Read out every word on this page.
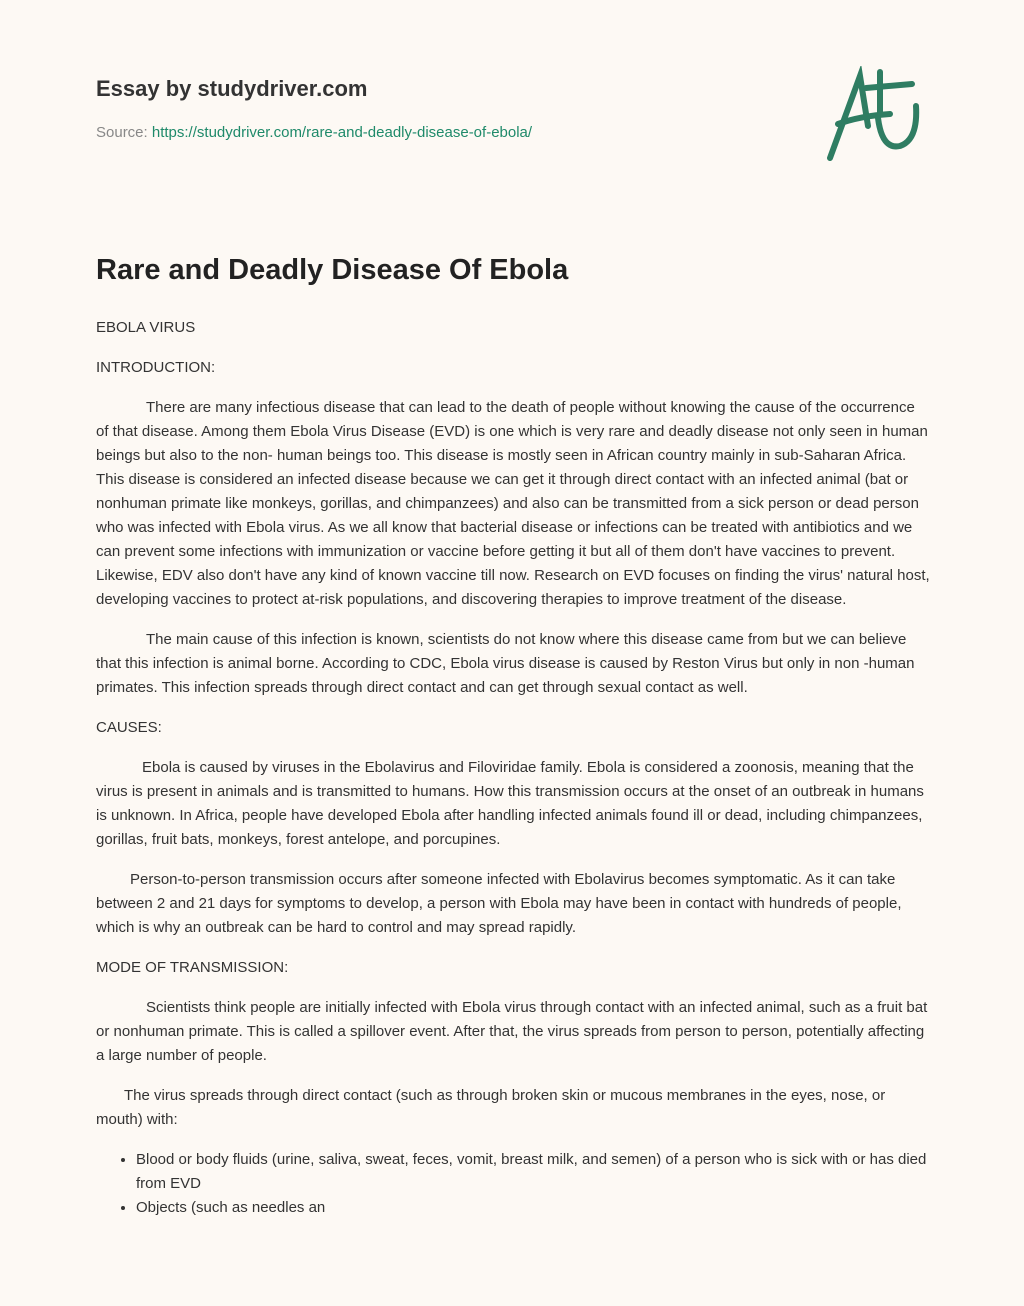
Essay by studydriver.com
Source: https://studydriver.com/rare-and-deadly-disease-of-ebola/
Rare and Deadly Disease Of Ebola

EBOLA VIRUS

INTRODUCTION:

There are many infectious disease that can lead to the death of people without knowing the cause of the occurrence of that disease. Among them Ebola Virus Disease (EVD) is one which is very rare and deadly disease not only seen in human beings but also to the non- human beings too. This disease is mostly seen in African country mainly in sub-Saharan Africa. This disease is considered an infected disease because we can get it through direct contact with an infected animal (bat or nonhuman primate like monkeys, gorillas, and chimpanzees) and also can be transmitted from a sick person or dead person who was infected with Ebola virus. As we all know that bacterial disease or infections can be treated with antibiotics and we can prevent some infections with immunization or vaccine before getting it but all of them don't have vaccines to prevent. Likewise, EDV also don't have any kind of known vaccine till now. Research on EVD focuses on finding the virus' natural host, developing vaccines to protect at-risk populations, and discovering therapies to improve treatment of the disease.

The main cause of this infection is known, scientists do not know where this disease came from but we can believe that this infection is animal borne. According to CDC, Ebola virus disease is caused by Reston Virus but only in non -human primates. This infection spreads through direct contact and can get through sexual contact as well.

CAUSES:

Ebola is caused by viruses in the Ebolavirus and Filoviridae family. Ebola is considered a zoonosis, meaning that the virus is present in animals and is transmitted to humans. How this transmission occurs at the onset of an outbreak in humans is unknown. In Africa, people have developed Ebola after handling infected animals found ill or dead, including chimpanzees, gorillas, fruit bats, monkeys, forest antelope, and porcupines.

Person-to-person transmission occurs after someone infected with Ebolavirus becomes symptomatic. As it can take between 2 and 21 days for symptoms to develop, a person with Ebola may have been in contact with hundreds of people, which is why an outbreak can be hard to control and may spread rapidly.

MODE OF TRANSMISSION:

Scientists think people are initially infected with Ebola virus through contact with an infected animal, such as a fruit bat or nonhuman primate. This is called a spillover event. After that, the virus spreads from person to person, potentially affecting a large number of people.

The virus spreads through direct contact (such as through broken skin or mucous membranes in the eyes, nose, or mouth) with:

• Blood or body fluids (urine, saliva, sweat, feces, vomit, breast milk, and semen) of a person who is sick with or has died from EVD
• Objects (such as needles an
